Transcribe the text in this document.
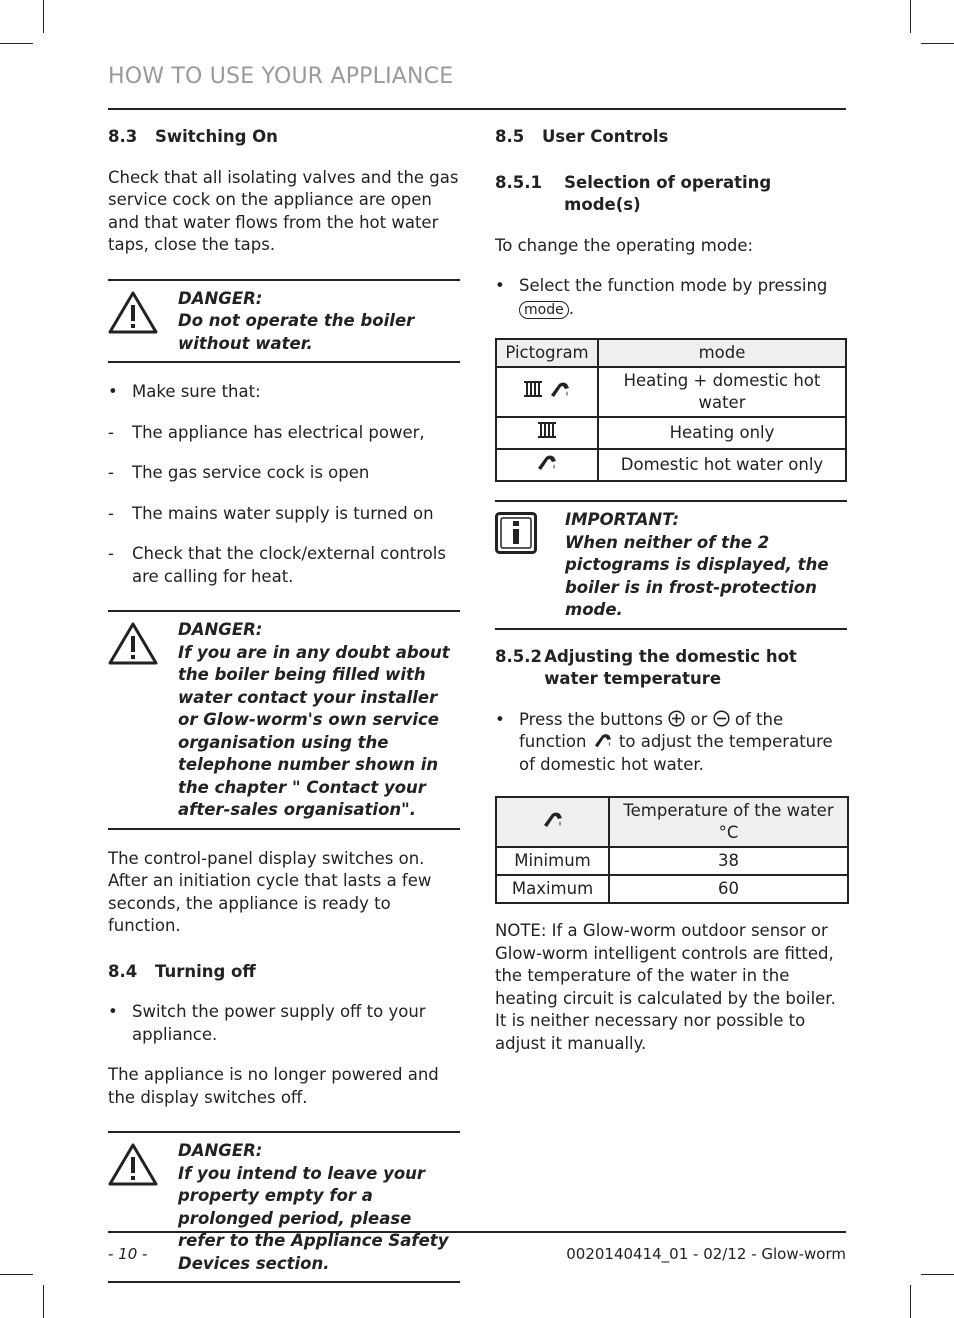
HOW TO USE YOUR APPLIANCE

8.3 Switching On

Check that all isolating valves and the gas service cock on the appliance are open and that water flows from the hot water taps, close the taps.

DANGER:
Do not operate the boiler without water.

• Make sure that:

-	The appliance has electrical power,

-	The gas service cock is open

-	The mains water supply is turned on

-	Check that the clock/external controls are calling for heat.

DANGER:
If you are in any doubt about the boiler being filled with water contact your installer or Glow-worm's own service organisation using the telephone number shown in the chapter " Contact your after-sales organisation".

The control-panel display switches on. After an initiation cycle that lasts a few seconds, the appliance is ready to function.

8.4 Turning off

• Switch the power supply off to your appliance.

The appliance is no longer powered and the display switches off.

DANGER:
If you intend to leave your property empty for a prolonged period, please refer to the Appliance Safety Devices section.

8.5 User Controls

8.5.1	Selection of operating mode(s)

To change the operating mode:

• Select the function mode by pressing
mode .

Pictogram	mode
	Heating + domestic hot water
	Heating only
	Domestic hot water only
IMPORTANT:
When neither of the 2 pictograms is displayed, the boiler is in frost-protection mode.

8.5.2 Adjusting the domestic hot water temperature

• Press the buttons or of the function to adjust the temperature of domestic hot water.

	Temperature of the water °C
Minimum	38
Maximum	60

NOTE: If a Glow-worm outdoor sensor or Glow-worm intelligent controls are fitted, the temperature of the water in the heating circuit is calculated by the boiler. It is neither necessary nor possible to adjust it manually.

- 10 -	0020140414_01 - 02/12 - Glow-worm
